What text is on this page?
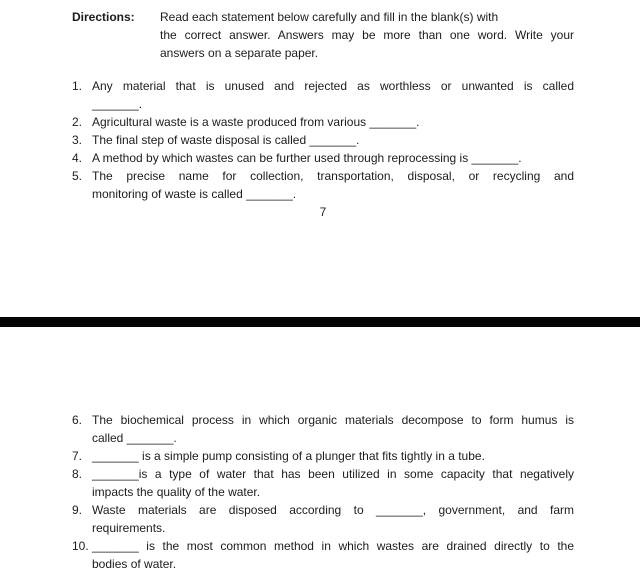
Directions:	Read each statement below carefully and fill in the blank(s) with
the correct answer. Answers may be more than one word. Write your
answers on a separate paper.
1. Any material that is unused and rejected as worthless or unwanted is called
_______.
2. Agricultural waste is a waste produced from various _______.
3. The final step of waste disposal is called _______.
4. A method by which wastes can be further used through reprocessing is _______.
5. The precise name for collection, transportation, disposal, or recycling and
monitoring of waste is called _______.
7
6. The biochemical process in which organic materials decompose to form humus is
called _______.
7. _______ is a simple pump consisting of a plunger that fits tightly in a tube.
8. _______is a type of water that has been utilized in some capacity that negatively
impacts the quality of the water.
9. Waste materials are disposed according to _______, government, and farm
requirements.
10. _______ is the most common method in which wastes are drained directly to the
bodies of water.
